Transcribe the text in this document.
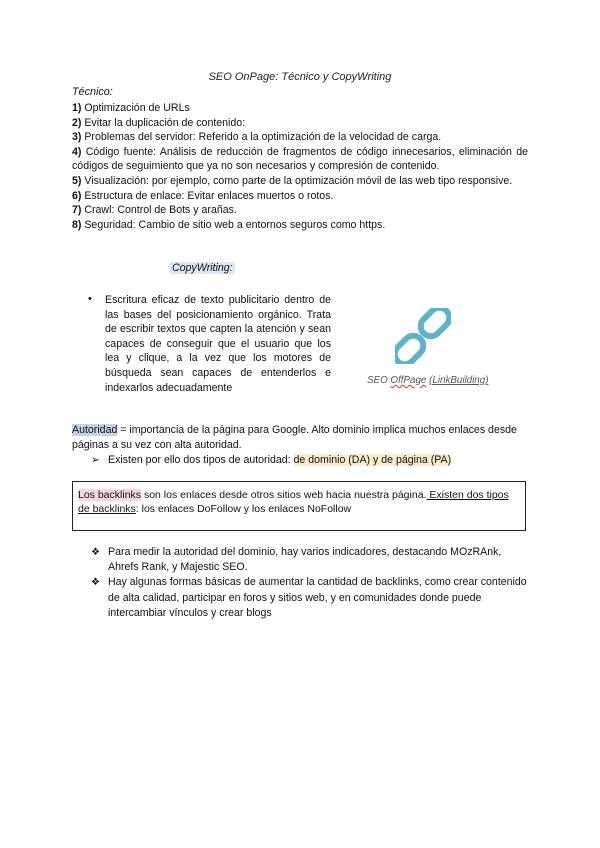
SEO OnPage: Técnico y CopyWriting
Técnico:
1) Optimización de URLs
2) Evitar la duplicación de contenido:
3) Problemas del servidor: Referido a la optimización de la velocidad de carga.
4) Código fuente: Análisis de reducción de fragmentos de código innecesarios, eliminación de códigos de seguimiento que ya no son necesarios y compresión de contenido.
5) Visualización: por ejemplo, como parte de la optimización móvil de las web tipo responsive.
6) Estructura de enlace: Evitar enlaces muertos o rotos.
7) Crawl: Control de Bots y arañas.
8) Seguridad: Cambio de sitio web a entornos seguros como https.
CopyWriting:
• Escritura eficaz de texto publicitario dentro de las bases del posicionamiento orgánico. Trata de escribir textos que capten la atención y sean capaces de conseguir que el usuario que los lea y clique, a la vez que los motores de búsqueda sean capaces de entenderlos e indexarlos adecuadamente
SEO OffPage (LinkBuilding)
Autoridad = importancia de la página para Google. Alto dominio implica muchos enlaces desde páginas a su vez con alta autoridad.
➢ Existen por ello dos tipos de autoridad: de dominio (DA) y de página (PA)
Los backlinks son los enlaces desde otros sitios web hacia nuestra página. Existen dos tipos de backlinks: los enlaces DoFollow y los enlaces NoFollow
❖ Para medir la autoridad del dominio, hay varios indicadores, destacando MOzRAnk, Ahrefs Rank, y Majestic SEO.
❖ Hay algunas formas básicas de aumentar la cantidad de backlinks, como crear contenido de alta calidad, participar en foros y sitios web, y en comunidades donde puede intercambiar vínculos y crear blogs
